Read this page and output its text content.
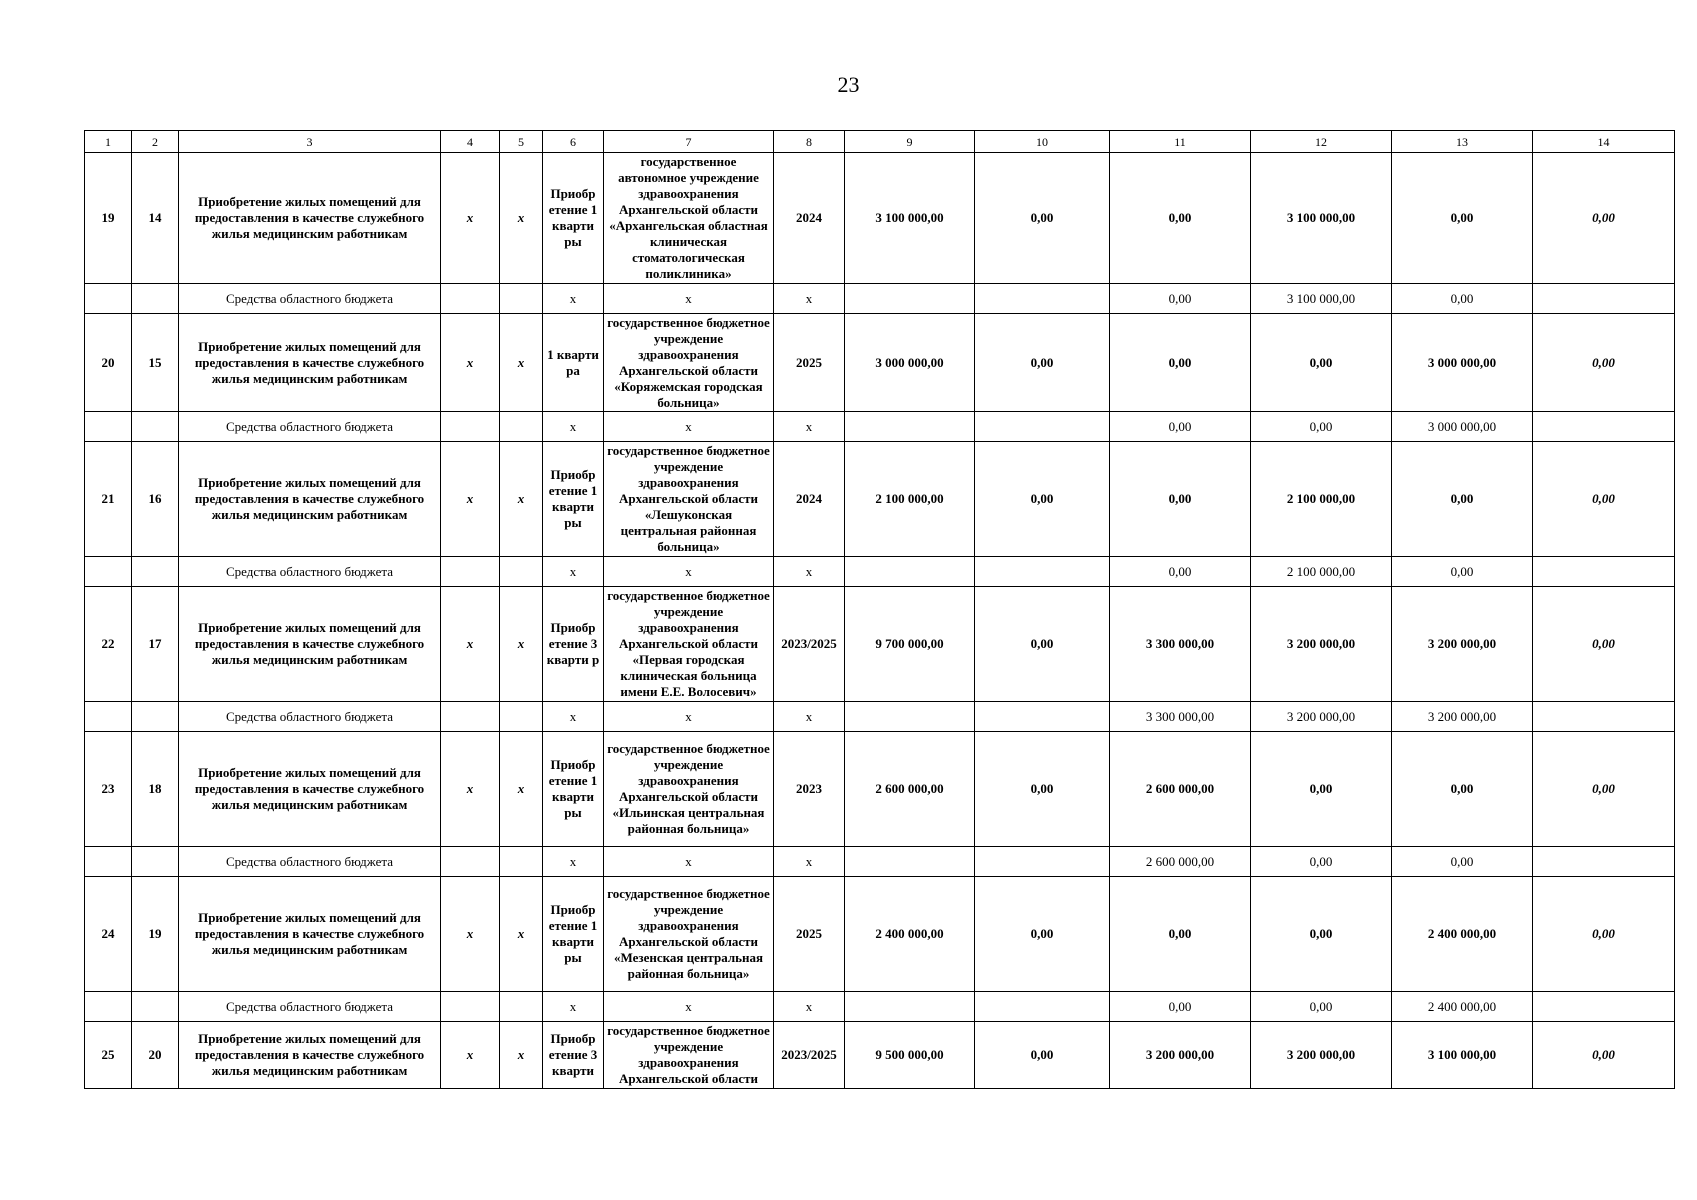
23
1	2	3	4	5	6	7	8	9	10	11	12	13	14
19	14	Приобретение жилых помещений для предоставления в качестве служебного жилья медицинским работникам	x	x	Приобр етение 1 кварти ры	государственное автономное учреждение здравоохранения Архангельской области «Архангельская областная клиническая стоматологическая поликлиника»	2024	3 100 000,00	0,00	0,00	3 100 000,00	0,00	0,00
		Средства областного бюджета			x	x	x			0,00	3 100 000,00	0,00	
20	15	Приобретение жилых помещений для предоставления в качестве служебного жилья медицинским работникам	x	x	1 кварти ра	государственное бюджетное учреждение здравоохранения Архангельской области «Коряжемская городская больница»	2025	3 000 000,00	0,00	0,00	0,00	3 000 000,00	0,00
		Средства областного бюджета			x	x	x			0,00	0,00	3 000 000,00	
21	16	Приобретение жилых помещений для предоставления в качестве служебного жилья медицинским работникам	x	x	Приобр етение 1 кварти ры	государственное бюджетное учреждение здравоохранения Архангельской области «Лешуконская центральная районная больница»	2024	2 100 000,00	0,00	0,00	2 100 000,00	0,00	0,00
		Средства областного бюджета			x	x	x			0,00	2 100 000,00	0,00	
22	17	Приобретение жилых помещений для предоставления в качестве служебного жилья медицинским работникам	x	x	Приобр етение 3 кварти р	государственное бюджетное учреждение здравоохранения Архангельской области «Первая городская клиническая больница имени Е.Е. Волосевич»	2023/2025	9 700 000,00	0,00	3 300 000,00	3 200 000,00	3 200 000,00	0,00
		Средства областного бюджета			x	x	x			3 300 000,00	3 200 000,00	3 200 000,00	
23	18	Приобретение жилых помещений для предоставления в качестве служебного жилья медицинским работникам	x	x	Приобр етение 1 кварти ры	государственное бюджетное учреждение здравоохранения Архангельской области «Ильинская центральная районная больница»	2023	2 600 000,00	0,00	2 600 000,00	0,00	0,00	0,00
		Средства областного бюджета			x	x	x			2 600 000,00	0,00	0,00	
24	19	Приобретение жилых помещений для предоставления в качестве служебного жилья медицинским работникам	x	x	Приобр етение 1 кварти ры	государственное бюджетное учреждение здравоохранения Архангельской области «Мезенская центральная районная больница»	2025	2 400 000,00	0,00	0,00	0,00	2 400 000,00	0,00
		Средства областного бюджета			x	x	x			0,00	0,00	2 400 000,00	
25	20	Приобретение жилых помещений для предоставления в качестве служебного жилья медицинским работникам	x	x	Приобр етение 3 кварти	государственное бюджетное учреждение здравоохранения Архангельской области	2023/2025	9 500 000,00	0,00	3 200 000,00	3 200 000,00	3 100 000,00	0,00
